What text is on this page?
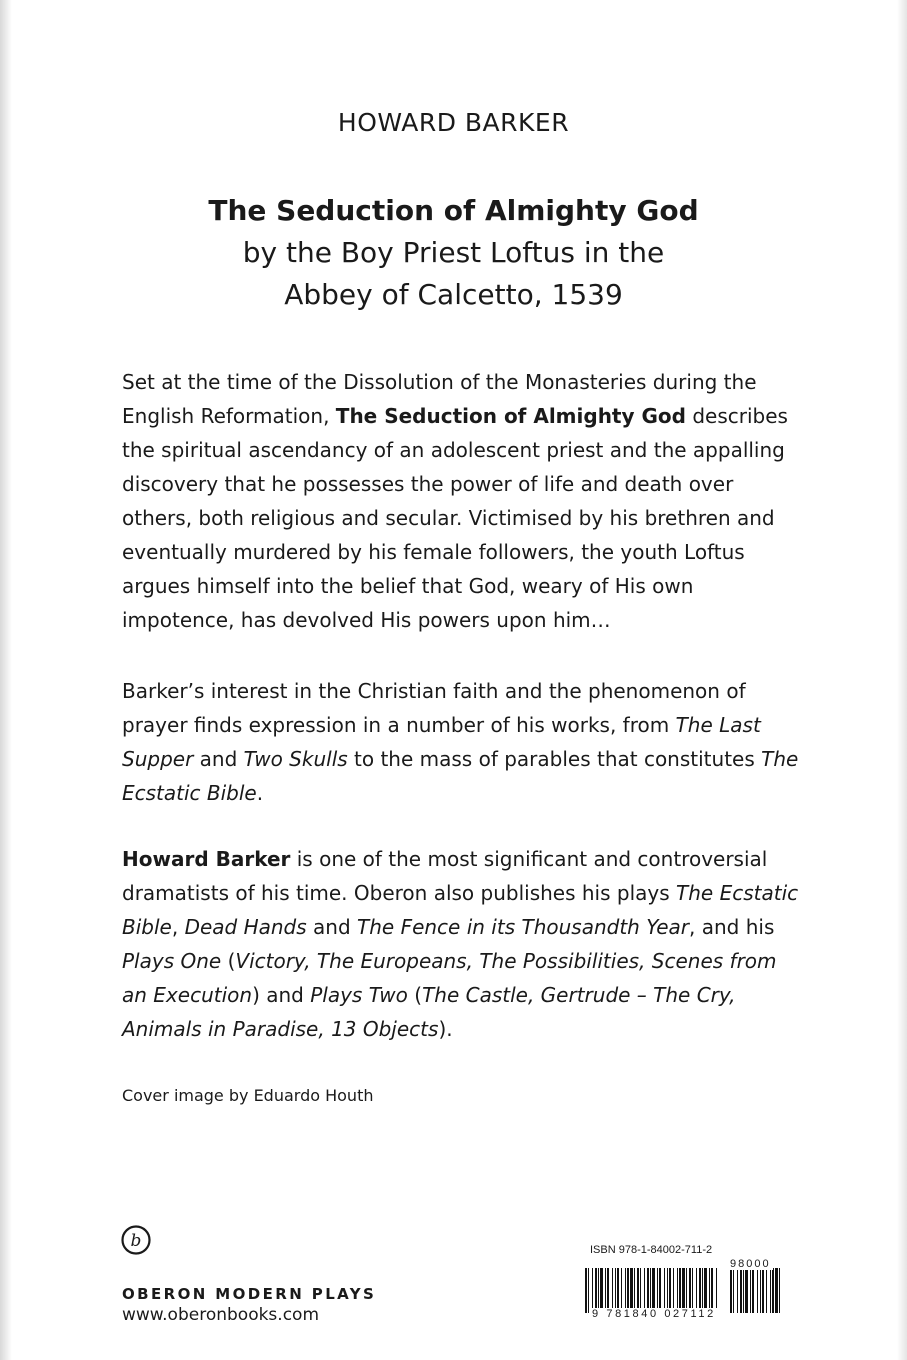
HOWARD BARKER
The Seduction of Almighty God
by the Boy Priest Loftus in the
Abbey of Calcetto, 1539
Set at the time of the Dissolution of the Monasteries during the English Reformation, The Seduction of Almighty God describes the spiritual ascendancy of an adolescent priest and the appalling discovery that he possesses the power of life and death over others, both religious and secular. Victimised by his brethren and eventually murdered by his female followers, the youth Loftus argues himself into the belief that God, weary of His own impotence, has devolved His powers upon him…
Barker’s interest in the Christian faith and the phenomenon of prayer finds expression in a number of his works, from The Last Supper and Two Skulls to the mass of parables that constitutes The Ecstatic Bible.
Howard Barker is one of the most significant and controversial dramatists of his time. Oberon also publishes his plays The Ecstatic Bible, Dead Hands and The Fence in its Thousandth Year, and his Plays One (Victory, The Europeans, The Possibilities, Scenes from an Execution) and Plays Two (The Castle, Gertrude – The Cry, Animals in Paradise, 13 Objects).
Cover image by Eduardo Houth
b
OBERON MODERN PLAYS
www.oberonbooks.com
ISBN 978-1-84002-711-2
9 781840 027112
98000
